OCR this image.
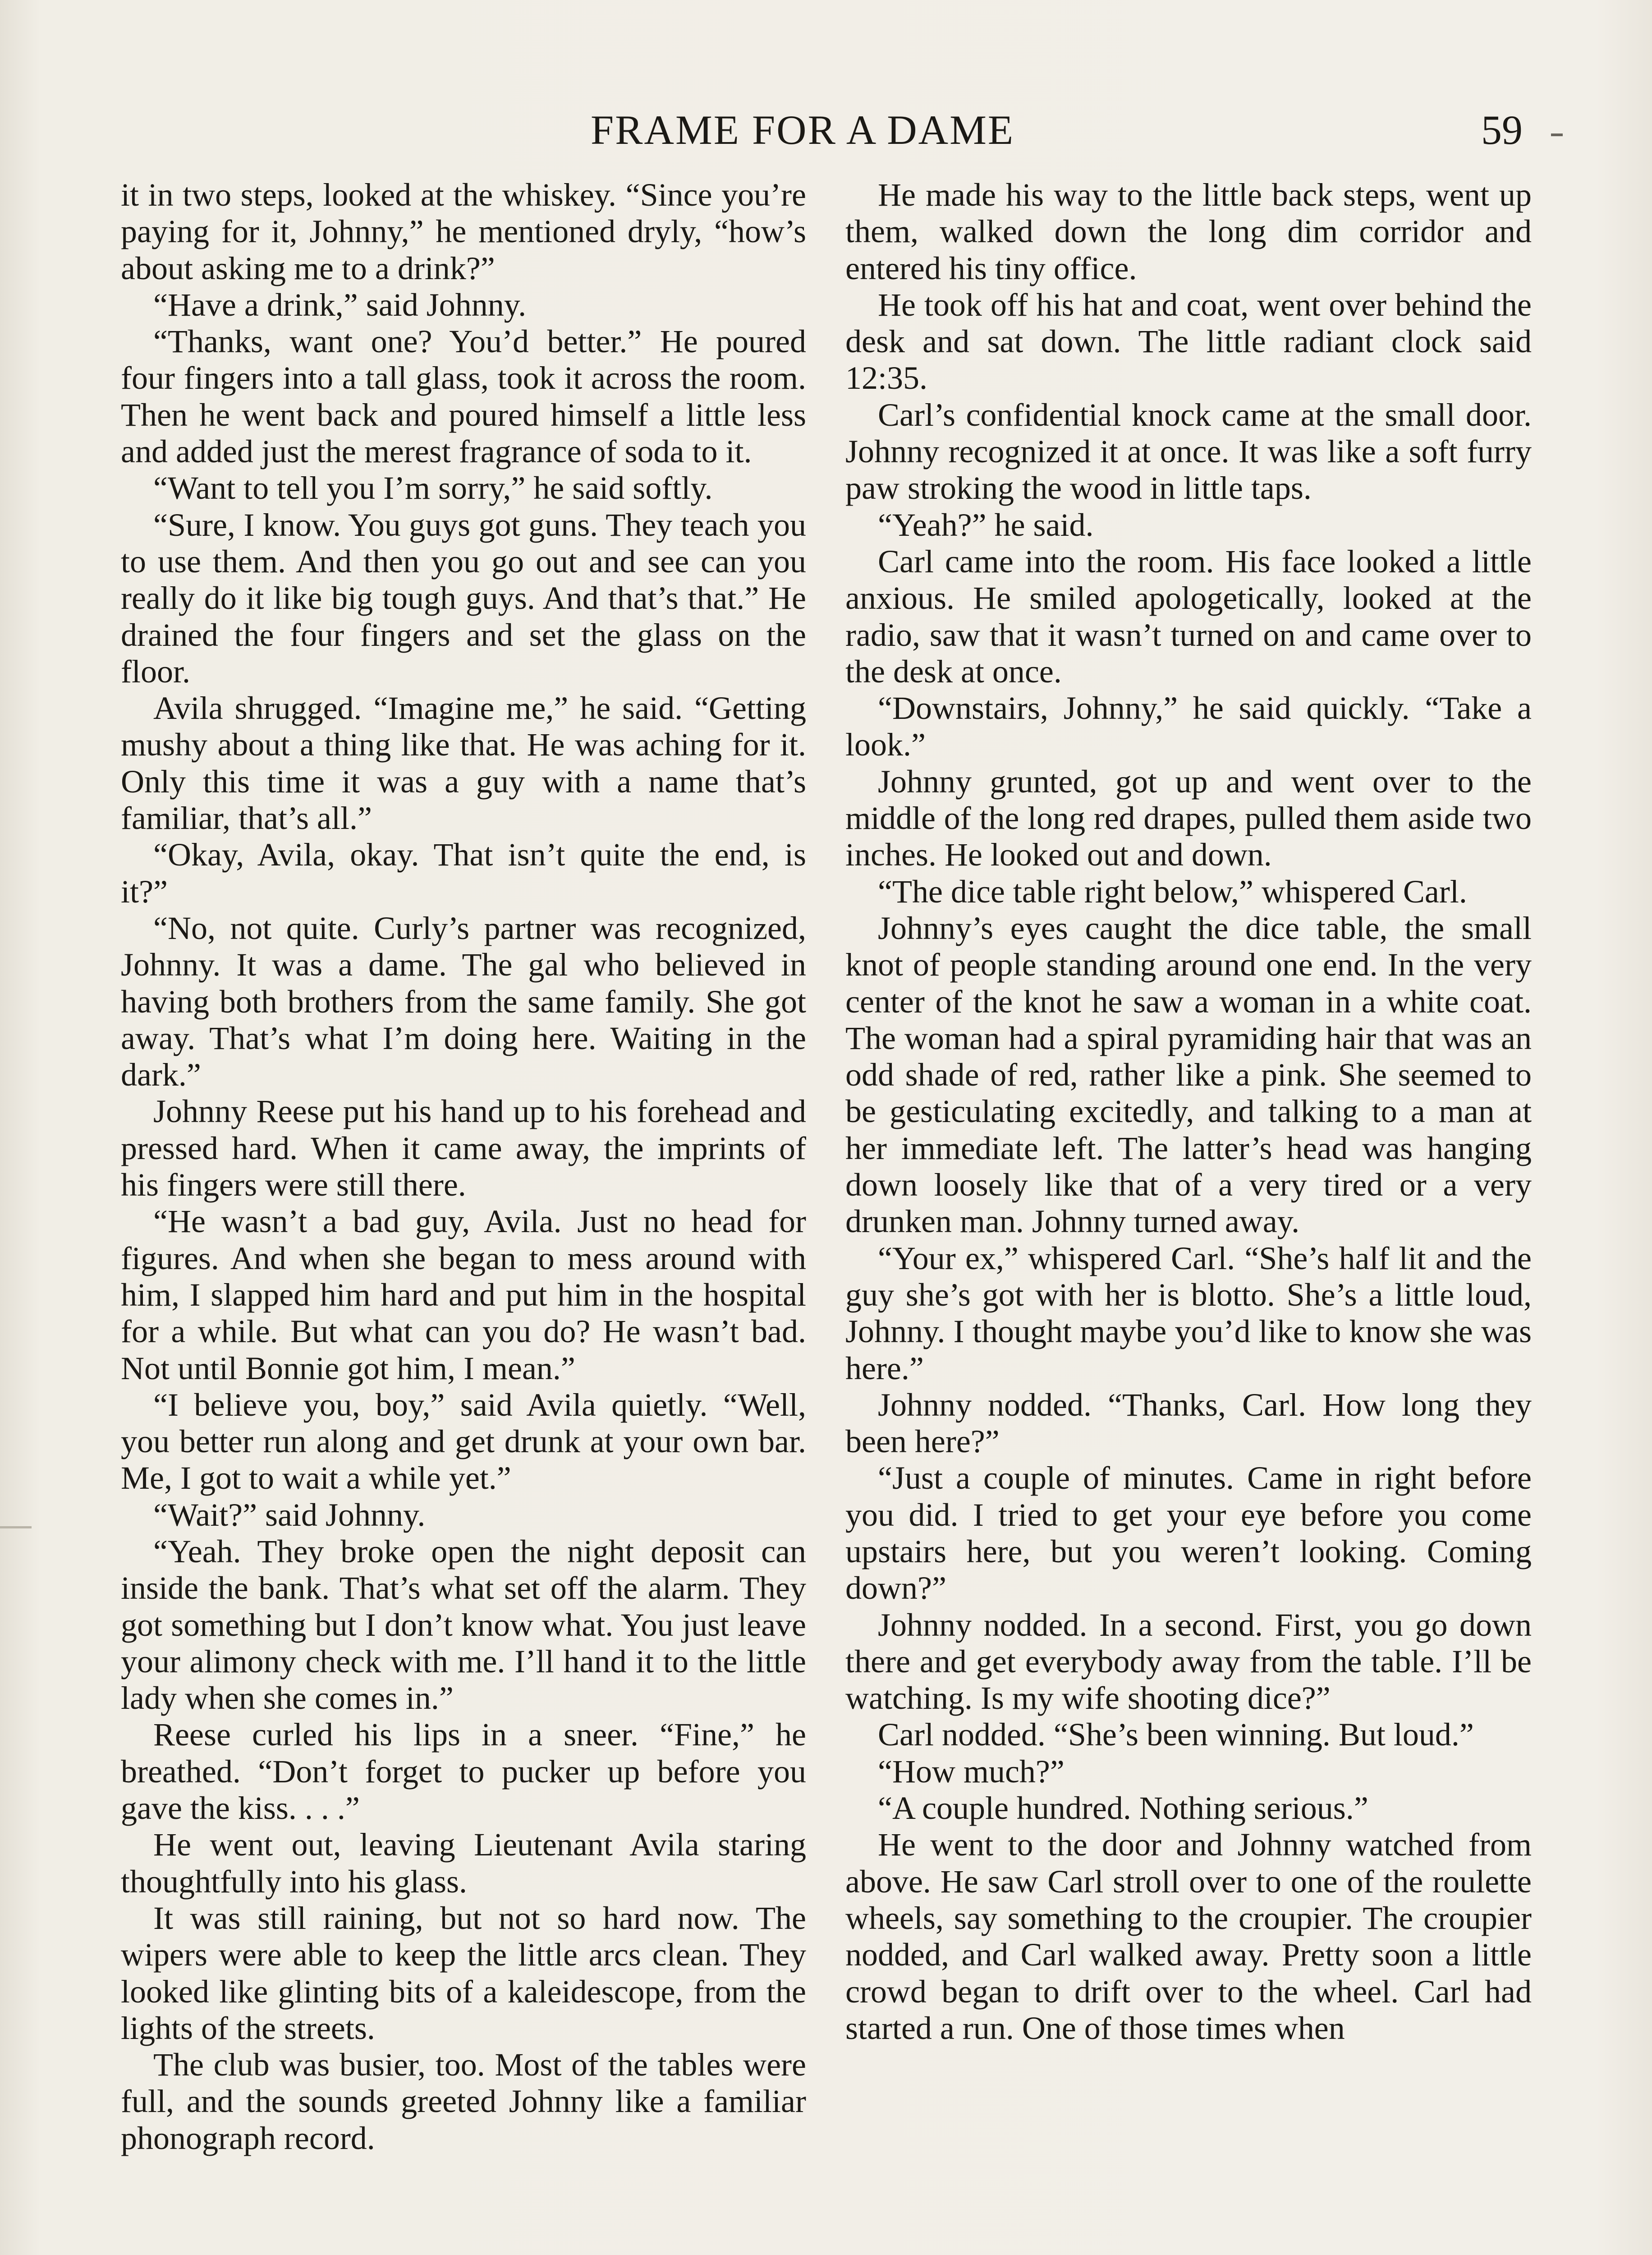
FRAME FOR A DAME	59

it in two steps, looked at the whiskey. “Since you’re paying for it, Johnny,” he mentioned dryly, “how’s about asking me to a drink?”

“Have a drink,” said Johnny.

“Thanks, want one? You’d better.” He poured four fingers into a tall glass, took it across the room. Then he went back and poured himself a little less and added just the merest fragrance of soda to it.

“Want to tell you I’m sorry,” he said softly.

“Sure, I know. You guys got guns. They teach you to use them. And then you go out and see can you really do it like big tough guys. And that’s that.” He drained the four fingers and set the glass on the floor.

Avila shrugged. “Imagine me,” he said. “Getting mushy about a thing like that. He was aching for it. Only this time it was a guy with a name that’s familiar, that’s all.”

“Okay, Avila, okay. That isn’t quite the end, is it?”

“No, not quite. Curly’s partner was recognized, Johnny. It was a dame. The gal who believed in having both brothers from the same family. She got away. That’s what I’m doing here. Waiting in the dark.”

Johnny Reese put his hand up to his forehead and pressed hard. When it came away, the imprints of his fingers were still there.

“He wasn’t a bad guy, Avila. Just no head for figures. And when she began to mess around with him, I slapped him hard and put him in the hospital for a while. But what can you do? He wasn’t bad. Not until Bonnie got him, I mean.”

“I believe you, boy,” said Avila quietly. “Well, you better run along and get drunk at your own bar. Me, I got to wait a while yet.”

“Wait?” said Johnny.

“Yeah. They broke open the night deposit can inside the bank. That’s what set off the alarm. They got something but I don’t know what. You just leave your alimony check with me. I’ll hand it to the little lady when she comes in.”

Reese curled his lips in a sneer. “Fine,” he breathed. “Don’t forget to pucker up before you gave the kiss. . . .”

He went out, leaving Lieutenant Avila staring thoughtfully into his glass.

It was still raining, but not so hard now. The wipers were able to keep the little arcs clean. They looked like glinting bits of a kaleidescope, from the lights of the streets.

The club was busier, too. Most of the tables were full, and the sounds greeted Johnny like a familiar phonograph record.

He made his way to the little back steps, went up them, walked down the long dim corridor and entered his tiny office.

He took off his hat and coat, went over behind the desk and sat down. The little radiant clock said 12:35.

Carl’s confidential knock came at the small door. Johnny recognized it at once. It was like a soft furry paw stroking the wood in little taps.

“Yeah?” he said.

Carl came into the room. His face looked a little anxious. He smiled apologetically, looked at the radio, saw that it wasn’t turned on and came over to the desk at once.

“Downstairs, Johnny,” he said quickly. “Take a look.”

Johnny grunted, got up and went over to the middle of the long red drapes, pulled them aside two inches. He looked out and down.

“The dice table right below,” whispered Carl.

Johnny’s eyes caught the dice table, the small knot of people standing around one end. In the very center of the knot he saw a woman in a white coat. The woman had a spiral pyramiding hair that was an odd shade of red, rather like a pink. She seemed to be gesticulating excitedly, and talking to a man at her immediate left. The latter’s head was hanging down loosely like that of a very tired or a very drunken man. Johnny turned away.

“Your ex,” whispered Carl. “She’s half lit and the guy she’s got with her is blotto. She’s a little loud, Johnny. I thought maybe you’d like to know she was here.”

Johnny nodded. “Thanks, Carl. How long they been here?”

“Just a couple of minutes. Came in right before you did. I tried to get your eye before you come upstairs here, but you weren’t looking. Coming down?”

Johnny nodded. In a second. First, you go down there and get everybody away from the table. I’ll be watching. Is my wife shooting dice?”

Carl nodded. “She’s been winning. But loud.”

“How much?”

“A couple hundred. Nothing serious.”

He went to the door and Johnny watched from above. He saw Carl stroll over to one of the roulette wheels, say something to the croupier. The croupier nodded, and Carl walked away. Pretty soon a little crowd began to drift over to the wheel. Carl had started a run. One of those times when
